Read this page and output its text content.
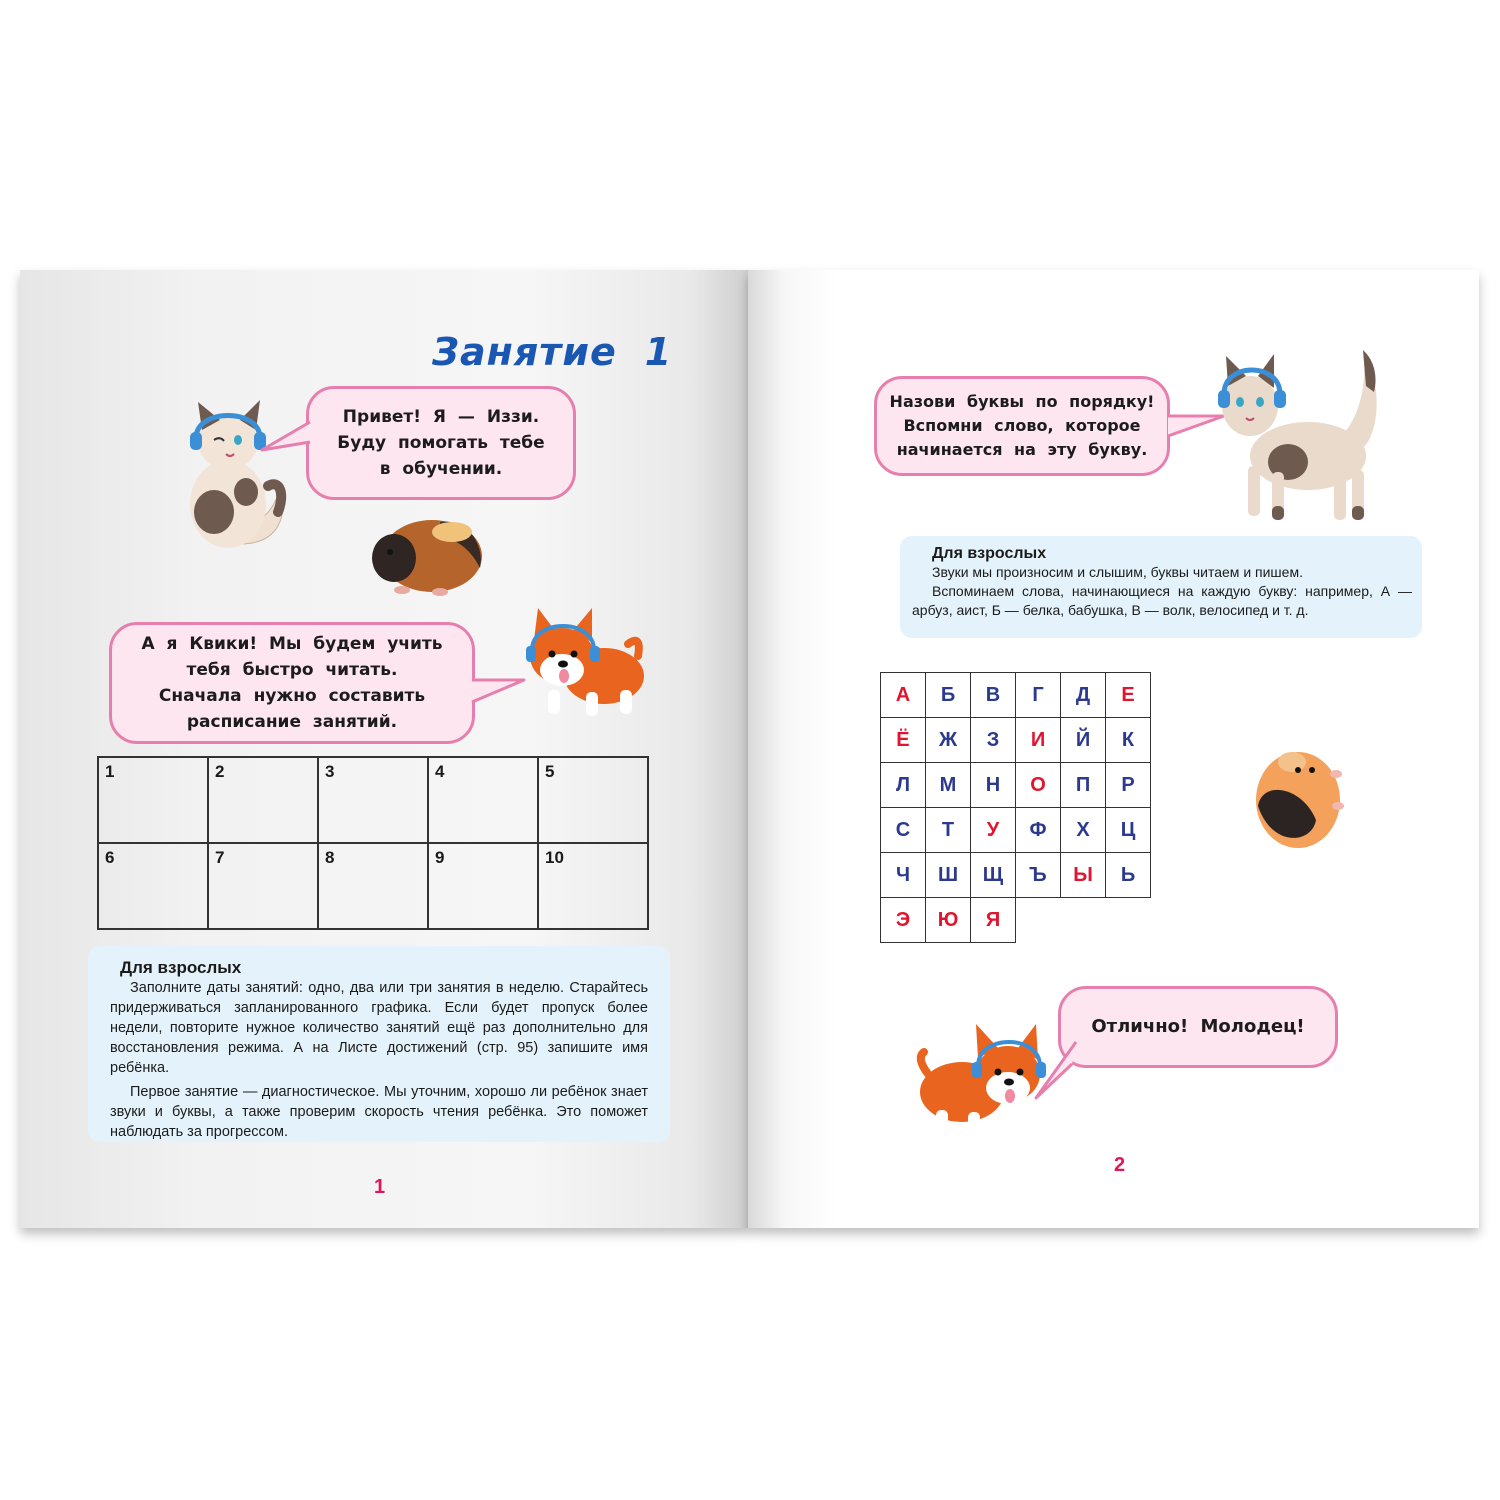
Занятие 1
Привет! Я — Иззи.
Буду помогать тебе
в обучении.
А я Квики! Мы будем учить
тебя быстро читать.
Сначала нужно составить
расписание занятий.
1	2	3	4	5
6	7	8	9	10
Для взрослых

Заполните даты занятий: одно, два или три занятия в неделю. Старайтесь придерживаться запланированного графика. Если будет пропуск более недели, повторите нужное количество занятий ещё раз дополнительно для восстановления режима. А на Листе достижений (стр. 95) запишите имя ребёнка.

Первое занятие — диагностическое. Мы уточним, хорошо ли ребёнок знает звуки и буквы, а также проверим скорость чтения ребёнка. Это поможет наблюдать за прогрессом.

1
Назови буквы по порядку!
Вспомни слово, которое
начинается на эту букву.
Для взрослых

Звуки мы произносим и слышим, буквы читаем и пишем.

Вспоминаем слова, начинающиеся на каждую букву: например, А — арбуз, аист, Б — белка, бабушка, В — волк, велосипед и т. д.

А	Б	В	Г	Д	Е
Ё	Ж	З	И	Й	К
Л	М	Н	О	П	Р
С	Т	У	Ф	Х	Ц
Ч	Ш	Щ	Ъ	Ы	Ь
Э	Ю	Я			
Отлично! Молодец!
2
